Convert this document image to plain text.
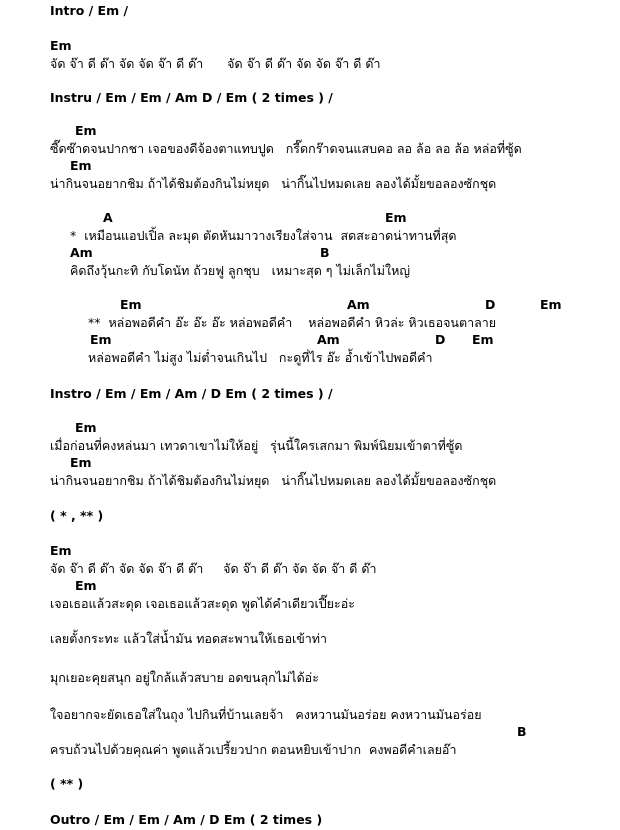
Intro / Em /
Em
จัด จ๊า ดี ด๊า จัด จัด จ๊า ดี ด๊า      จัด จ๊า ดี ด๊า จัด จัด จ๊า ดี ด๊า
Instru / Em / Em / Am D / Em ( 2 times ) /
Em
ซี๊ดซ๊าดจนปากชา เจอของดีจ้องตาแทบปูด   กรี๊ดกร๊าดจนแสบคอ ลอ ล้อ ลอ ล้อ หล่อที่ซู้ด
Em
น่ากินจนอยากชิม ถ้าได้ชิมต้องกินไม่หยุด   น่ากิ๊นไปหมดเลย ลองได้มั้ยขอลองซักชุด
A	Em
*  เหมือนแอปเปิ้ล ละมุด ตัดหันมาวางเรียงใส่จาน  สดสะอาดน่าทานที่สุด
Am	B
คิดถึงวุ้นกะทิ กับโดนัท ถ้วยฟู ลูกชุบ   เหมาะสุด ๆ ไม่เล็กไม่ใหญ่
Em	Am	D	Em
**  หล่อพอดีคำ อ๊ะ อ๊ะ อ๊ะ หล่อพอดีคำ    หล่อพอดีคำ หิวล่ะ หิวเธอจนตาลาย
Em	Am	D Em
หล่อพอดีคำ ไม่สูง ไม่ต่ำจนเกินไป   กะดูที่ไร อ๊ะ อ้ำเข้าไปพอดีคำ
Instro / Em / Em / Am / D Em ( 2 times ) /
Em
เมื่อก่อนที่คงหล่นมา เทวดาเขาไม่ให้อยู่   รุ่นนี้ใครเสกมา พิมพ์นิยมเข้าตาที่ซู้ด
Em
น่ากินจนอยากชิม ถ้าได้ชิมต้องกินไม่หยุด   น่ากิ๊นไปหมดเลย ลองได้มั้ยขอลองซักชุด
( * , ** )
Em
จัด จ๊า ดี ด๊า จัด จัด จ๊า ดี ด๊า     จัด จ๊า ดี ด๊า จัด จัด จ๊า ดี ด๊า
Em
เจอเธอแล้วสะดุด เจอเธอแล้วสะดุด พูดได้คำเดียวเปี๊ยะอ่ะ
เลยตั้งกระทะ แล้วใส่น้ำมัน ทอดสะพานให้เธอเข้าท่า
มุกเยอะคุยสนุก อยู่ใกล้แล้วสบาย อดขนลุกไม่ได้อ่ะ
ใจอยากจะยัดเธอใส่ในถุง ไปกินที่บ้านเลยจ้า   คงหวานมันอร่อย คงหวานมันอร่อย
B
ครบถ้วนไปด้วยคุณค่า พูดแล้วเปรี้ยวปาก ตอนหยิบเข้าปาก  คงพอดีคำเลยอ๊า
( ** )
Outro / Em / Em / Am / D Em ( 2 times )
